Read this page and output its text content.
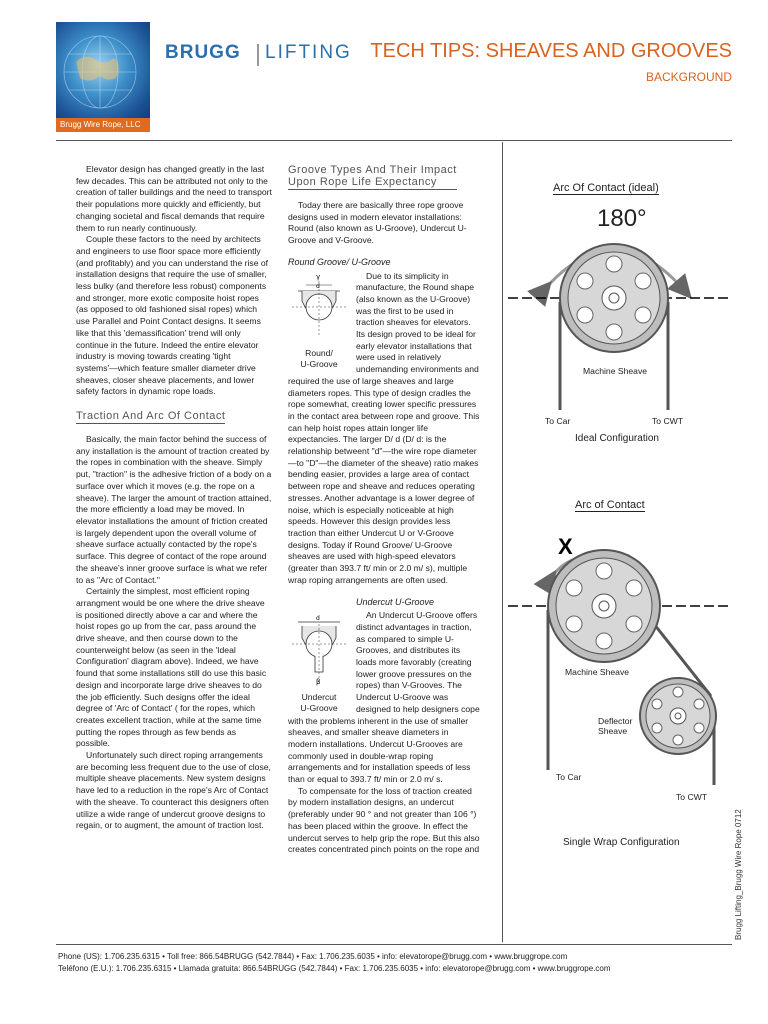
Brugg Wire Rope, LLC
BRUGG LIFTING TECH TIPS: SHEAVES AND GROOVES
BACKGROUND

Elevator design has changed greatly in the last few decades. This can be attributed not only to the creation of taller buildings and the need to transport their populations more quickly and efficiently, but changing societal and fiscal demands that require them to run nearly continuously.

Couple these factors to the need by architects and engineers to use floor space more efficiently (and profitably) and you can understand the rise of installation designs that require the use of smaller, less bulky (and therefore less robust) components and stronger, more exotic composite hoist ropes (as opposed to old fashioned sisal ropes) which use Parallel and Point Contact designs. It seems like that this 'demassification' trend will only continue in the future. Indeed the entire elevator industry is moving towards creating 'tight systems'—which feature smaller diameter drive sheaves, closer sheave placements, and lower safety factors in dynamic rope loads.

Traction And Arc Of Contact

Basically, the main factor behind the success of any installation is the amount of traction created by the ropes in combination with the sheave. Simply put, "traction" is the adhesive friction of a body on a surface over which it moves (e.g. the rope on a sheave). The larger the amount of traction attained, the more efficiently a load may be moved. In elevator installations the amount of friction created is largely dependent upon the overall volume of sheave surface actually contacted by the rope's surface. This degree of contact of the rope around the sheave's inner groove surface is what we refer to as "Arc of Contact."

Certainly the simplest, most efficient roping arrangment would be one where the drive sheave is positioned directly above a car and where the hoist ropes go up from the car, pass around the drive sheave, and then course down to the counterweight below (as seen in the 'Ideal Configuration' diagram above). Indeed, we have found that some installations still do use this basic design and incorporate large drive sheaves to do the job efficiently. Such designs offer the ideal degree of 'Arc of Contact' ( for the ropes, which creates excellent traction, while at the same time putting the ropes through as few bends as possible.

Unfortunately such direct roping arrangements are becoming less frequent due to the use of close, multiple sheave placements. New system designs have led to a reduction in the rope's Arc of Contact with the sheave. To counteract this designers often utilize a wide range of undercut groove designs to regain, or to augment, the amount of traction lost.

Groove Types And Their Impact
Upon Rope Life Expectancy

Today there are basically three rope groove designs used in modern elevator installations: Round (also known as U-Groove), Undercut U-Groove and V-Groove.

Round Groove/ U-Groove
γ
d
Round/
U-Groove

Due to its simplicity in manufacture, the Round shape (also known as the U-Groove) was the first to be used in traction sheaves for elevators. Its design proved to be ideal for early elevator installations that were used in relatively undemanding environments and required the use of large sheaves and large diameters ropes. This type of design cradles the rope somewhat, creating lower specific pressures in the contact area between rope and groove. This can help hoist ropes attain longer life expectancies. The larger D/ d (D/ d: is the relationship betweent "d"—the wire rope diameter—to "D"—the diameter of the sheave) ratio makes bending easier, provides a large area of contact between rope and sheave and reduces operating stresses. Another advantage is a lower degree of noise, which is especially noticeable at high speeds. However this design provides less traction than either Undercut U or V-Groove designs. Today if Round Groove/ U-Groove sheaves are used with high-speed elevators (greater than 393.7 ft/ min or 2.0 m/ s), multiple wrap roping arrangements are often used.

Undercut U-Groove
d
β
Undercut
U-Groove

An Undercut U-Groove offers distinct advantages in traction, as compared to simple U-Grooves, and distributes its loads more favorably (creating lower groove pressures on the ropes) than V-Grooves. The Undercut U-Groove was designed to help designers cope with the problems inherent in the use of smaller sheaves, and smaller sheave diameters in modern installations. Undercut U-Grooves are commonly used in double-wrap roping arrangements and for installation speeds of less than or equal to 393.7 ft/ min or 2.0 m/ s.

To compensate for the loss of traction created by modern installation designs, an undercut (preferably under 90 ° and not greater than 106 °) has been placed within the groove. In effect the undercut serves to help grip the rope. But this also creates concentrated pinch points on the rope and

Arc Of Contact (ideal)
180°
Machine Sheave
To Car	To CWT
Ideal Configuration
Arc of Contact
X
Machine Sheave
Deflector
Sheave
To Car
To CWT
Single Wrap Configuration	Brugg Lifting_Brugg Wire Rope 0712
Phone (US): 1.706.235.6315 • Toll free: 866.54BRUGG (542.7844) • Fax: 1.706.235.6035 • info: elevatorope@brugg.com • www.bruggrope.com
Teléfono (E.U.): 1.706.235.6315 • Llamada gratuita: 866.54BRUGG (542.7844) • Fax: 1.706.235.6035 • info: elevatorope@brugg.com • www.bruggrope.com
